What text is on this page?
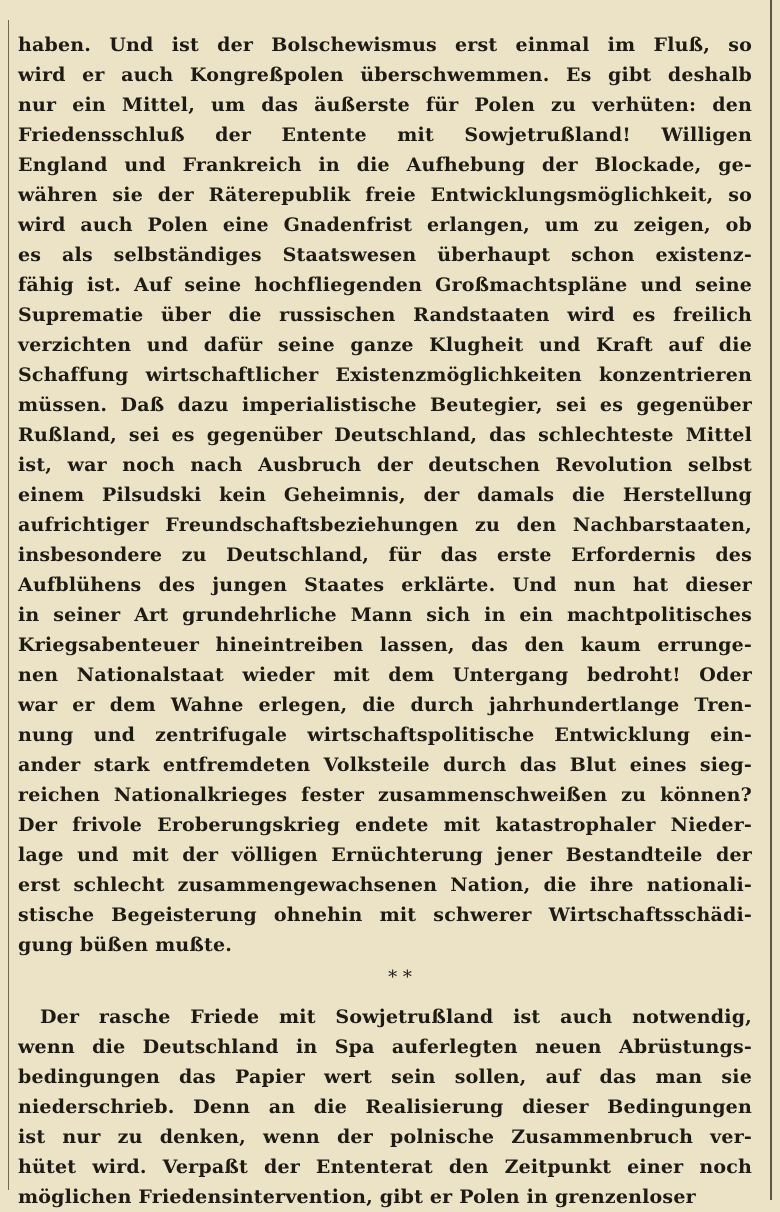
haben. Und ist der Bolschewismus erst einmal im Fluß, so
wird er auch Kongreßpolen überschwemmen. Es gibt deshalb
nur ein Mittel, um das äußerste für Polen zu verhüten: den
Friedensschluß der Entente mit Sowjetrußland! Willigen
England und Frankreich in die Aufhebung der Blockade, ge-
währen sie der Räterepublik freie Entwicklungsmöglichkeit, so
wird auch Polen eine Gnadenfrist erlangen, um zu zeigen, ob
es als selbständiges Staatswesen überhaupt schon existenz-
fähig ist. Auf seine hochfliegenden Großmachtspläne und seine
Suprematie über die russischen Randstaaten wird es freilich
verzichten und dafür seine ganze Klugheit und Kraft auf die
Schaffung wirtschaftlicher Existenzmöglichkeiten konzentrieren
müssen. Daß dazu imperialistische Beutegier, sei es gegenüber
Rußland, sei es gegenüber Deutschland, das schlechteste Mittel
ist, war noch nach Ausbruch der deutschen Revolution selbst
einem Pilsudski kein Geheimnis, der damals die Herstellung
aufrichtiger Freundschaftsbeziehungen zu den Nachbarstaaten,
insbesondere zu Deutschland, für das erste Erfordernis des
Aufblühens des jungen Staates erklärte. Und nun hat dieser
in seiner Art grundehrliche Mann sich in ein machtpolitisches
Kriegsabenteuer hineintreiben lassen, das den kaum errunge-
nen Nationalstaat wieder mit dem Untergang bedroht! Oder
war er dem Wahne erlegen, die durch jahrhundertlange Tren-
nung und zentrifugale wirtschaftspolitische Entwicklung ein-
ander stark entfremdeten Volksteile durch das Blut eines sieg-
reichen Nationalkrieges fester zusammenschweißen zu können?
Der frivole Eroberungskrieg endete mit katastrophaler Nieder-
lage und mit der völligen Ernüchterung jener Bestandteile der
erst schlecht zusammengewachsenen Nation, die ihre nationali-
stische Begeisterung ohnehin mit schwerer Wirtschaftsschädi-
gung büßen mußte.
* *
Der rasche Friede mit Sowjetrußland ist auch notwendig,
wenn die Deutschland in Spa auferlegten neuen Abrüstungs-
bedingungen das Papier wert sein sollen, auf das man sie
niederschrieb. Denn an die Realisierung dieser Bedingungen
ist nur zu denken, wenn der polnische Zusammenbruch ver-
hütet wird. Verpaßt der Ententerat den Zeitpunkt einer noch
möglichen Friedensintervention, gibt er Polen in grenzenloser
